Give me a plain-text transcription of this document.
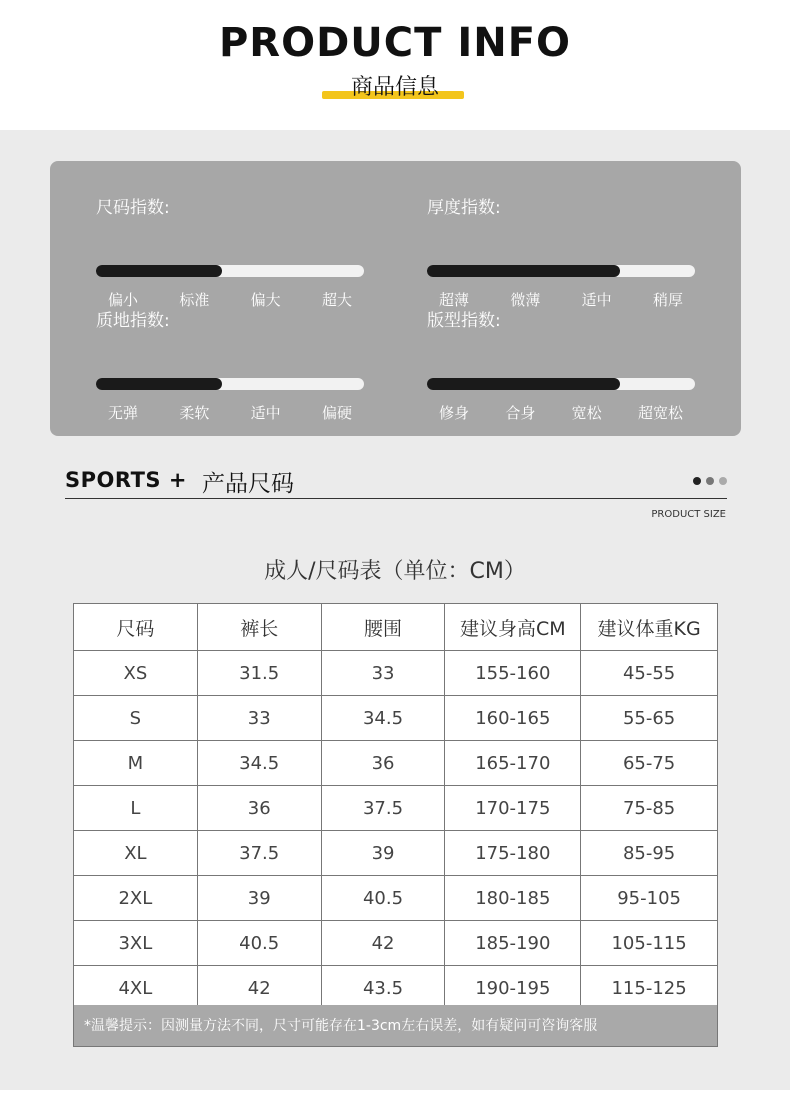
PRODUCT INFO
商品信息
尺码指数:
偏小	标准	偏大	超大
厚度指数:
超薄	微薄	适中	稍厚
质地指数:
无弹	柔软	适中	偏硬
版型指数:
修身 合身 宽松 超宽松
SPORTS + 产品尺码
PRODUCT SIZE
成人/尺码表（单位：CM）
尺码	裤长	腰围	建议身高CM	建议体重KG
XS	31.5	33	155-160	45-55
S	33	34.5	160-165	55-65
M	34.5	36	165-170	65-75
L	36	37.5	170-175	75-85
XL	37.5	39	175-180	85-95
2XL	39	40.5	180-185	95-105
3XL	40.5	42	185-190	105-115
4XL	42	43.5	190-195	115-125
*温馨提示：因测量方法不同，尺寸可能存在1-3cm左右误差，如有疑问可咨询客服
